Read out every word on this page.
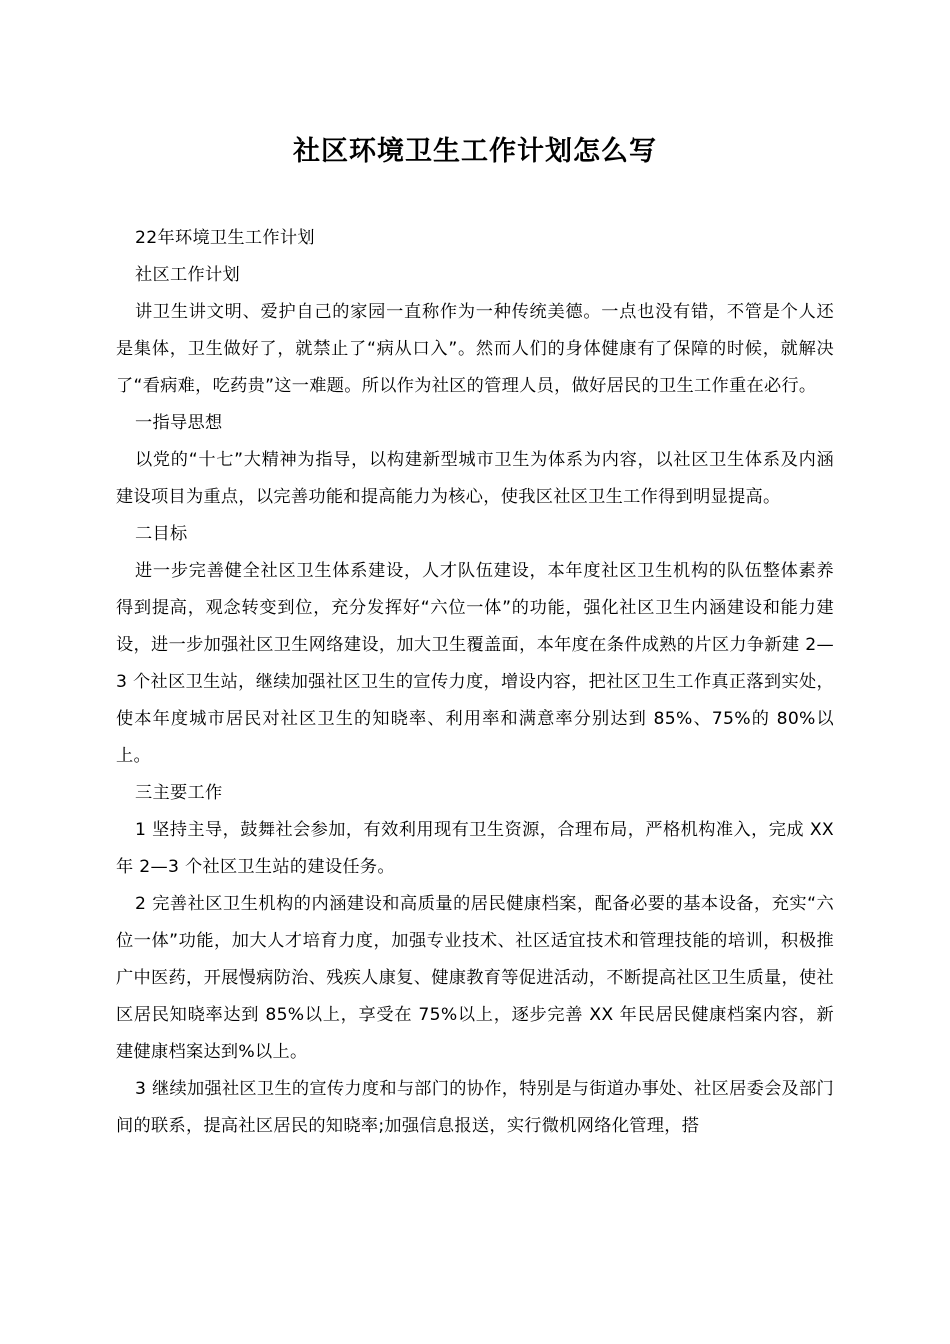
社区环境卫生工作计划怎么写

22年环境卫生工作计划

社区工作计划

讲卫生讲文明、爱护自己的家园一直称作为一种传统美德。一点也没有错，不管是个人还是集体，卫生做好了，就禁止了“病从口入”。然而人们的身体健康有了保障的时候，就解决了“看病难，吃药贵”这一难题。所以作为社区的管理人员，做好居民的卫生工作重在必行。

一指导思想

以党的“十七”大精神为指导，以构建新型城市卫生为体系为内容，以社区卫生体系及内涵建设项目为重点，以完善功能和提高能力为核心，使我区社区卫生工作得到明显提高。

二目标

进一步完善健全社区卫生体系建设，人才队伍建设，本年度社区卫生机构的队伍整体素养得到提高，观念转变到位，充分发挥好“六位一体”的功能，强化社区卫生内涵建设和能力建设，进一步加强社区卫生网络建设，加大卫生覆盖面，本年度在条件成熟的片区力争新建 2—3 个社区卫生站，继续加强社区卫生的宣传力度，增设内容，把社区卫生工作真正落到实处，使本年度城市居民对社区卫生的知晓率、利用率和满意率分别达到 85%、75%的 80%以上。

三主要工作

1 坚持主导，鼓舞社会参加，有效利用现有卫生资源，合理布局，严格机构准入，完成 XX 年 2—3 个社区卫生站的建设任务。

2 完善社区卫生机构的内涵建设和高质量的居民健康档案，配备必要的基本设备，充实“六位一体”功能，加大人才培育力度，加强专业技术、社区适宜技术和管理技能的培训，积极推广中医药，开展慢病防治、残疾人康复、健康教育等促进活动，不断提高社区卫生质量，使社区居民知晓率达到 85%以上，享受在 75%以上，逐步完善 XX 年民居民健康档案内容，新建健康档案达到%以上。

3 继续加强社区卫生的宣传力度和与部门的协作，特别是与街道办事处、社区居委会及部门间的联系，提高社区居民的知晓率;加强信息报送，实行微机网络化管理，搭
